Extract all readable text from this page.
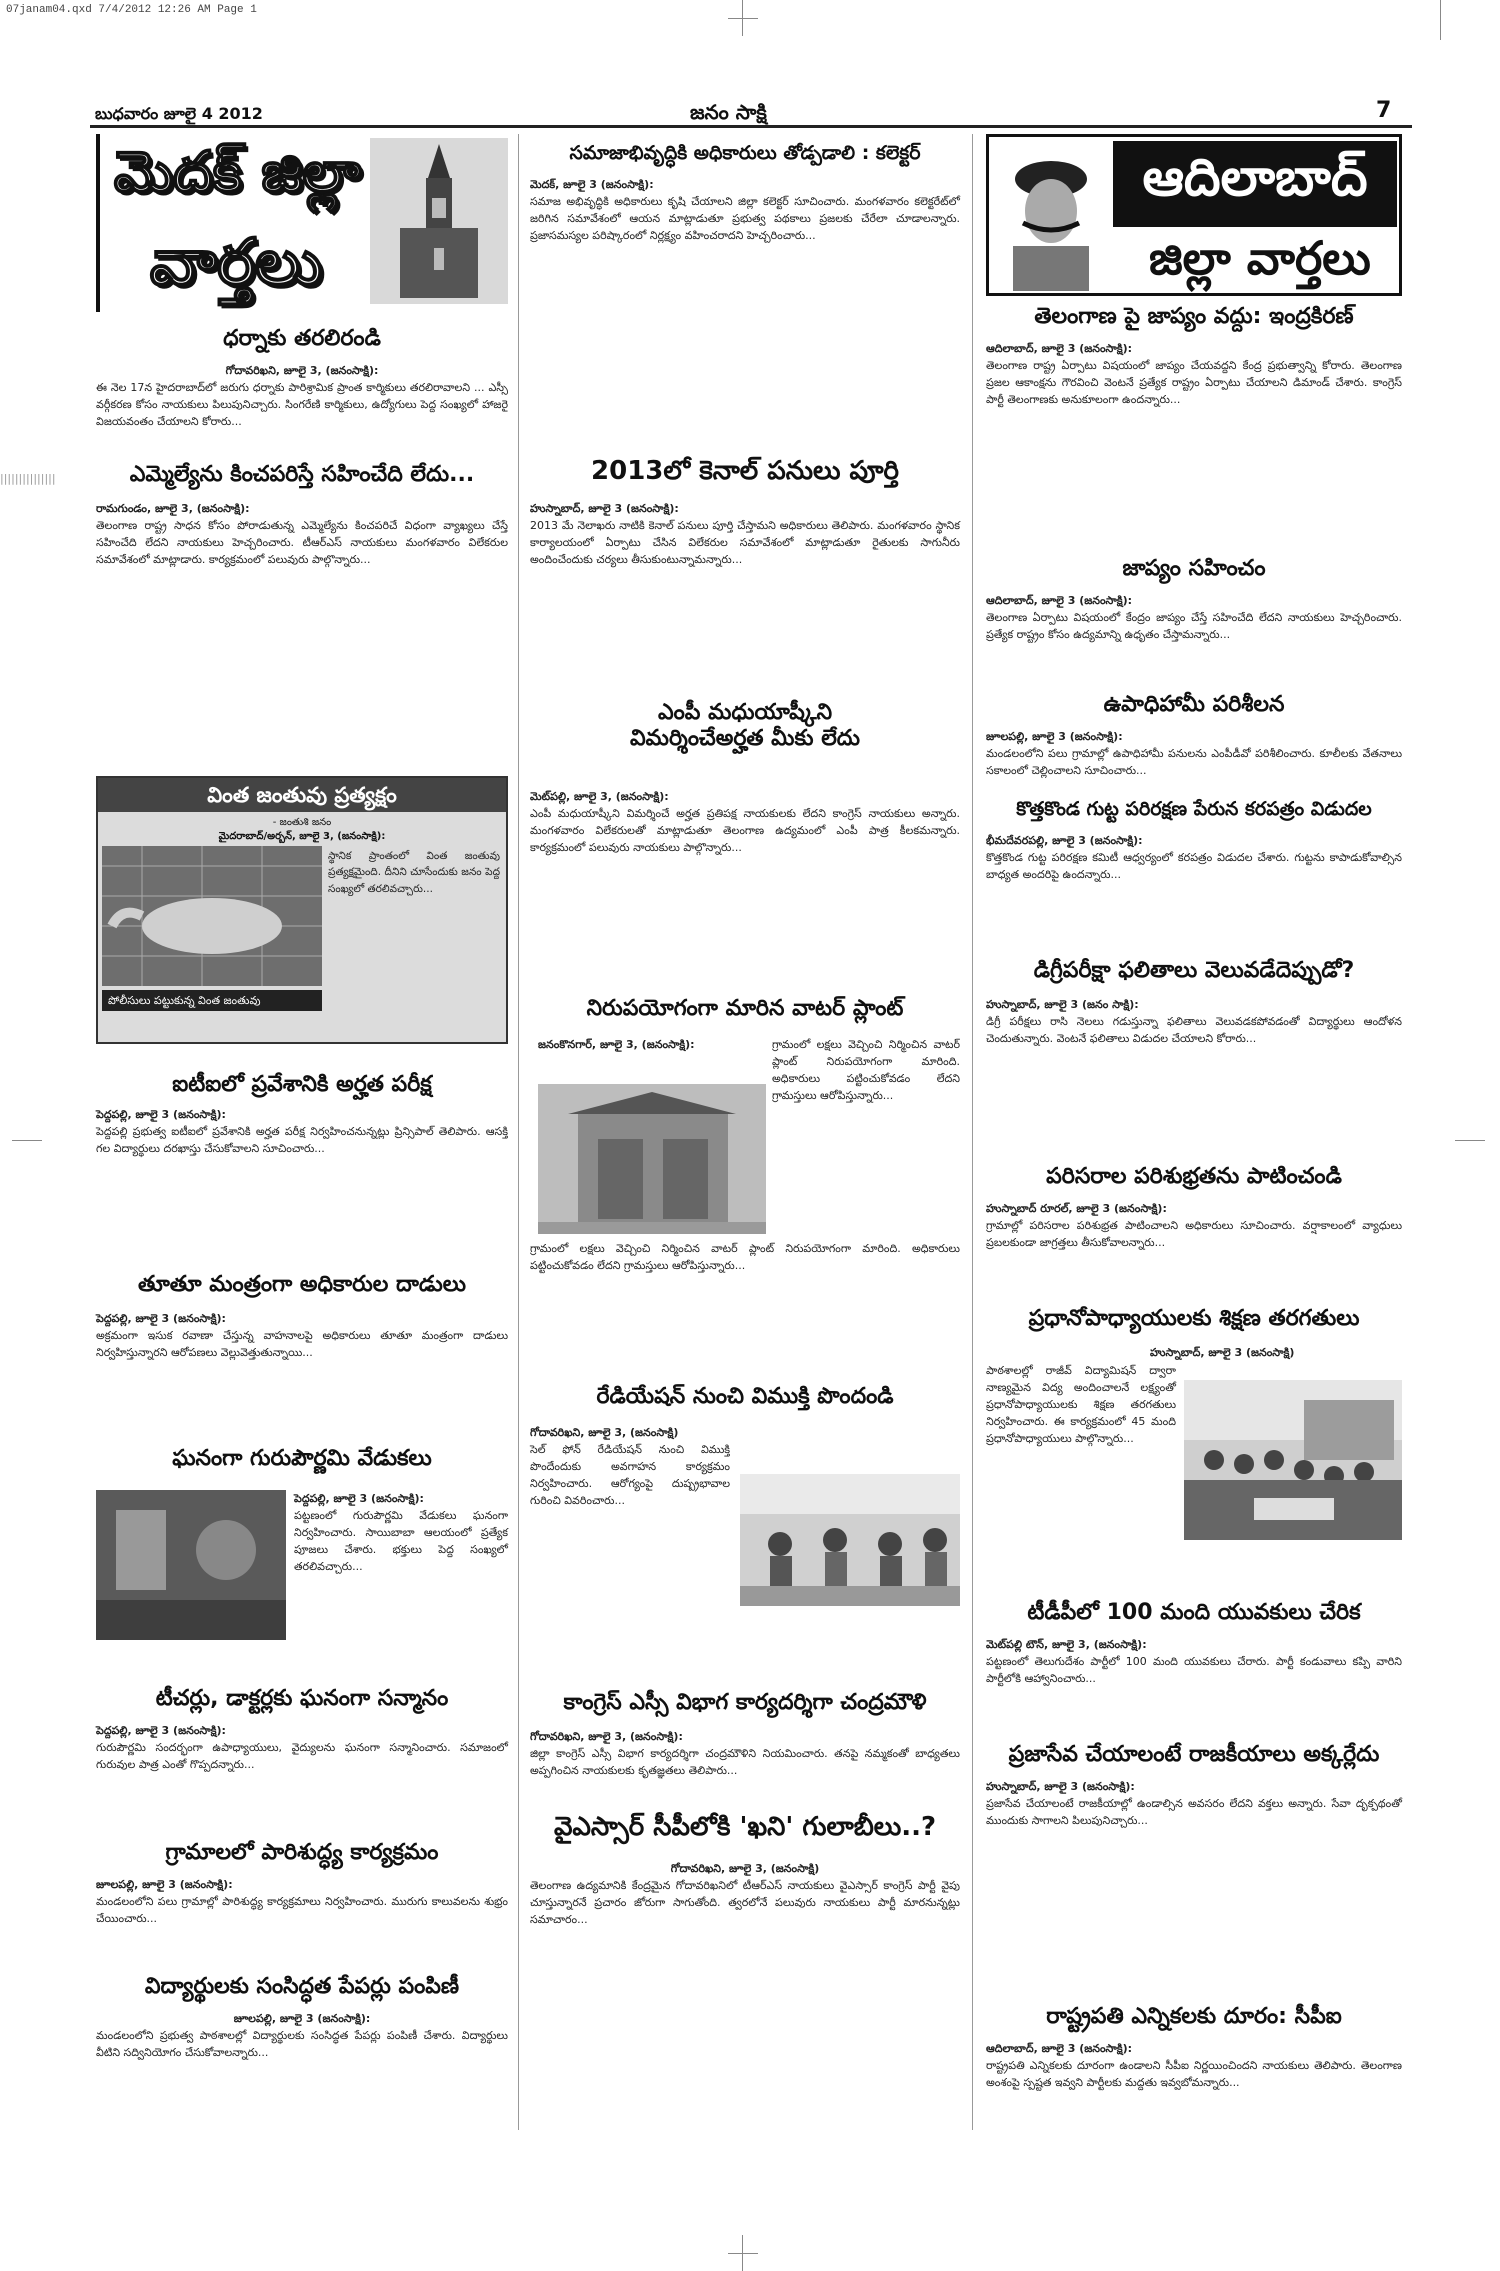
07janam04.qxd 7/4/2012 12:26 AM Page 1
బుధవారం జూలై 4 2012	జనం సాక్షి	7
|||||||||||||||
మెదక్ జిల్లా
వార్తలు
ఆదిలాబాద్
జిల్లా వార్తలు
ధర్నాకు తరలిరండి
గోదావరిఖని, జూలై 3, (జనంసాక్షి):
ఈ నెల 17న హైదరాబాద్‌లో జరుగు ధర్నాకు పారిశ్రామిక ప్రాంత కార్మికులు తరలిరావాలని ... ఎస్సీ వర్గీకరణ కోసం నాయకులు పిలుపునిచ్చారు. సింగరేణి కార్మికులు, ఉద్యోగులు పెద్ద సంఖ్యలో హాజరై విజయవంతం చేయాలని కోరారు...
ఎమ్మెల్యేను కించపరిస్తే సహించేది లేదు...
రామగుండం, జూలై 3, (జనంసాక్షి):
తెలంగాణ రాష్ట్ర సాధన కోసం పోరాడుతున్న ఎమ్మెల్యేను కించపరిచే విధంగా వ్యాఖ్యలు చేస్తే సహించేది లేదని నాయకులు హెచ్చరించారు. టీఆర్‌ఎస్ నాయకులు మంగళవారం విలేకరుల సమావేశంలో మాట్లాడారు. కార్యక్రమంలో పలువురు పాల్గొన్నారు...
వింత జంతువు ప్రత్యక్షం
- జంతుశి జనం
మైదరాబాద్/అర్బన్, జూలై 3, (జనంసాక్షి):
స్థానిక ప్రాంతంలో వింత జంతువు ప్రత్యక్షమైంది. దీనిని చూసేందుకు జనం పెద్ద సంఖ్యలో తరలివచ్చారు...
పోలీసులు పట్టుకున్న వింత జంతువు
ఐటీఐలో ప్రవేశానికి అర్హత పరీక్ష
పెద్దపల్లి, జూలై 3 (జనంసాక్షి):
పెద్దపల్లి ప్రభుత్వ ఐటీఐలో ప్రవేశానికి అర్హత పరీక్ష నిర్వహించనున్నట్లు ప్రిన్సిపాల్ తెలిపారు. ఆసక్తి గల విద్యార్థులు దరఖాస్తు చేసుకోవాలని సూచించారు...
తూతూ మంత్రంగా అధికారుల దాడులు
పెద్దపల్లి, జూలై 3 (జనంసాక్షి):
అక్రమంగా ఇసుక రవాణా చేస్తున్న వాహనాలపై అధికారులు తూతూ మంత్రంగా దాడులు నిర్వహిస్తున్నారని ఆరోపణలు వెల్లువెత్తుతున్నాయి...
ఘనంగా గురుపౌర్ణమి వేడుకలు
పెద్దపల్లి, జూలై 3 (జనంసాక్షి):
పట్టణంలో గురుపౌర్ణమి వేడుకలు ఘనంగా నిర్వహించారు. సాయిబాబా ఆలయంలో ప్రత్యేక పూజలు చేశారు. భక్తులు పెద్ద సంఖ్యలో తరలివచ్చారు...
టీచర్లు, డాక్టర్లకు ఘనంగా సన్మానం
పెద్దపల్లి, జూలై 3 (జనంసాక్షి):
గురుపౌర్ణమి సందర్భంగా ఉపాధ్యాయులు, వైద్యులను ఘనంగా సన్మానించారు. సమాజంలో గురువుల పాత్ర ఎంతో గొప్పదన్నారు...
గ్రామాలలో పారిశుద్ధ్య కార్యక్రమం
జూలపల్లి, జూలై 3 (జనంసాక్షి):
మండలంలోని పలు గ్రామాల్లో పారిశుద్ధ్య కార్యక్రమాలు నిర్వహించారు. మురుగు కాలువలను శుభ్రం చేయించారు...
విద్యార్థులకు సంసిద్ధత పేపర్లు పంపిణీ
జూలపల్లి, జూలై 3 (జనంసాక్షి):
మండలంలోని ప్రభుత్వ పాఠశాలల్లో విద్యార్థులకు సంసిద్ధత పేపర్లు పంపిణీ చేశారు. విద్యార్థులు వీటిని సద్వినియోగం చేసుకోవాలన్నారు...
సమాజాభివృద్ధికి అధికారులు తోడ్పడాలి : కలెక్టర్
మెదక్, జూలై 3 (జనంసాక్షి):
సమాజ అభివృద్ధికి అధికారులు కృషి చేయాలని జిల్లా కలెక్టర్ సూచించారు. మంగళవారం కలెక్టరేట్‌లో జరిగిన సమావేశంలో ఆయన మాట్లాడుతూ ప్రభుత్వ పథకాలు ప్రజలకు చేరేలా చూడాలన్నారు. ప్రజాసమస్యల పరిష్కారంలో నిర్లక్ష్యం వహించరాదని హెచ్చరించారు...
2013లో కెనాల్ పనులు పూర్తి
హుస్నాబాద్, జూలై 3 (జనంసాక్షి):
2013 మే నెలాఖరు నాటికి కెనాల్ పనులు పూర్తి చేస్తామని అధికారులు తెలిపారు. మంగళవారం స్థానిక కార్యాలయంలో ఏర్పాటు చేసిన విలేకరుల సమావేశంలో మాట్లాడుతూ రైతులకు సాగునీరు అందించేందుకు చర్యలు తీసుకుంటున్నామన్నారు...
ఎంపీ మధుయాష్కీని విమర్శించేఅర్హత మీకు లేదు
మెట్‌పల్లి, జూలై 3, (జనంసాక్షి):
ఎంపీ మధుయాష్కీని విమర్శించే అర్హత ప్రతిపక్ష నాయకులకు లేదని కాంగ్రెస్ నాయకులు అన్నారు. మంగళవారం విలేకరులతో మాట్లాడుతూ తెలంగాణ ఉద్యమంలో ఎంపీ పాత్ర కీలకమన్నారు. కార్యక్రమంలో పలువురు నాయకులు పాల్గొన్నారు...
నిరుపయోగంగా మారిన వాటర్ ప్లాంట్
జనంకొనగార్, జూలై 3, (జనంసాక్షి):	గ్రామంలో లక్షలు వెచ్చించి నిర్మించిన వాటర్ ప్లాంట్ నిరుపయోగంగా మారింది. అధికారులు పట్టించుకోవడం లేదని గ్రామస్తులు ఆరోపిస్తున్నారు...
గ్రామంలో లక్షలు వెచ్చించి నిర్మించిన వాటర్ ప్లాంట్ నిరుపయోగంగా మారింది. అధికారులు పట్టించుకోవడం లేదని గ్రామస్తులు ఆరోపిస్తున్నారు...
రేడియేషన్ నుంచి విముక్తి పొందండి
గోదావరిఖని, జూలై 3, (జనంసాక్షి)
సెల్ ఫోన్ రేడియేషన్ నుంచి విముక్తి పొందేందుకు అవగాహన కార్యక్రమం నిర్వహించారు. ఆరోగ్యంపై దుష్ప్రభావాల గురించి వివరించారు...
కాంగ్రెస్ ఎస్సీ విభాగ కార్యదర్శిగా చంద్రమౌళి
గోదావరిఖని, జూలై 3, (జనంసాక్షి):
జిల్లా కాంగ్రెస్ ఎస్సీ విభాగ కార్యదర్శిగా చంద్రమౌళిని నియమించారు. తనపై నమ్మకంతో బాధ్యతలు అప్పగించిన నాయకులకు కృతజ్ఞతలు తెలిపారు...
వైఎస్సార్ సీపీలోకి 'ఖని' గులాబీలు..?
గోదావరిఖని, జూలై 3, (జనంసాక్షి)
తెలంగాణ ఉద్యమానికి కేంద్రమైన గోదావరిఖనిలో టీఆర్‌ఎస్ నాయకులు వైఎస్సార్ కాంగ్రెస్ పార్టీ వైపు చూస్తున్నారనే ప్రచారం జోరుగా సాగుతోంది. త్వరలోనే పలువురు నాయకులు పార్టీ మారనున్నట్లు సమాచారం...
తెలంగాణ పై జాప్యం వద్దు: ఇంద్రకిరణ్
ఆదిలాబాద్, జూలై 3 (జనంసాక్షి):
తెలంగాణ రాష్ట్ర ఏర్పాటు విషయంలో జాప్యం చేయవద్దని కేంద్ర ప్రభుత్వాన్ని కోరారు. తెలంగాణ ప్రజల ఆకాంక్షను గౌరవించి వెంటనే ప్రత్యేక రాష్ట్రం ఏర్పాటు చేయాలని డిమాండ్ చేశారు. కాంగ్రెస్ పార్టీ తెలంగాణకు అనుకూలంగా ఉందన్నారు...
జాప్యం సహించం
ఆదిలాబాద్, జూలై 3 (జనంసాక్షి):
తెలంగాణ ఏర్పాటు విషయంలో కేంద్రం జాప్యం చేస్తే సహించేది లేదని నాయకులు హెచ్చరించారు. ప్రత్యేక రాష్ట్రం కోసం ఉద్యమాన్ని ఉధృతం చేస్తామన్నారు...
ఉపాధిహామీ పరిశీలన
జూలపల్లి, జూలై 3 (జనంసాక్షి):
మండలంలోని పలు గ్రామాల్లో ఉపాధిహామీ పనులను ఎంపీడీవో పరిశీలించారు. కూలీలకు వేతనాలు సకాలంలో చెల్లించాలని సూచించారు...
కొత్తకొండ గుట్ట పరిరక్షణ పేరున కరపత్రం విడుదల
భీమదేవరపల్లి, జూలై 3 (జనంసాక్షి):
కొత్తకొండ గుట్ట పరిరక్షణ కమిటీ ఆధ్వర్యంలో కరపత్రం విడుదల చేశారు. గుట్టను కాపాడుకోవాల్సిన బాధ్యత అందరిపై ఉందన్నారు...
డిగ్రీపరీక్షా ఫలితాలు వెలువడేదెప్పుడో?
హుస్నాబాద్, జూలై 3 (జనం సాక్షి):
డిగ్రీ పరీక్షలు రాసి నెలలు గడుస్తున్నా ఫలితాలు వెలువడకపోవడంతో విద్యార్థులు ఆందోళన చెందుతున్నారు. వెంటనే ఫలితాలు విడుదల చేయాలని కోరారు...
పరిసరాల పరిశుభ్రతను పాటించండి
హుస్నాబాద్ రూరల్, జూలై 3 (జనంసాక్షి):
గ్రామాల్లో పరిసరాల పరిశుభ్రత పాటించాలని అధికారులు సూచించారు. వర్షాకాలంలో వ్యాధులు ప్రబలకుండా జాగ్రత్తలు తీసుకోవాలన్నారు...
ప్రధానోపాధ్యాయులకు శిక్షణ తరగతులు
హుస్నాబాద్, జూలై 3 (జనంసాక్షి)
పాఠశాలల్లో రాజీవ్ విద్యామిషన్ ద్వారా నాణ్యమైన విద్య అందించాలనే లక్ష్యంతో ప్రధానోపాధ్యాయులకు శిక్షణ తరగతులు నిర్వహించారు. ఈ కార్యక్రమంలో 45 మంది ప్రధానోపాధ్యాయులు పాల్గొన్నారు...
టీడీపీలో 100 మంది యువకులు చేరిక
మెట్‌పల్లి టౌన్, జూలై 3, (జనంసాక్షి):
పట్టణంలో తెలుగుదేశం పార్టీలో 100 మంది యువకులు చేరారు. పార్టీ కండువాలు కప్పి వారిని పార్టీలోకి ఆహ్వానించారు...
ప్రజాసేవ చేయాలంటే రాజకీయాలు అక్కర్లేదు
హుస్నాబాద్, జూలై 3 (జనంసాక్షి):
ప్రజాసేవ చేయాలంటే రాజకీయాల్లో ఉండాల్సిన అవసరం లేదని వక్తలు అన్నారు. సేవా దృక్పథంతో ముందుకు సాగాలని పిలుపునిచ్చారు...
రాష్ట్రపతి ఎన్నికలకు దూరం: సీపీఐ
ఆదిలాబాద్, జూలై 3 (జనంసాక్షి):
రాష్ట్రపతి ఎన్నికలకు దూరంగా ఉండాలని సీపీఐ నిర్ణయించిందని నాయకులు తెలిపారు. తెలంగాణ అంశంపై స్పష్టత ఇవ్వని పార్టీలకు మద్దతు ఇవ్వబోమన్నారు...
